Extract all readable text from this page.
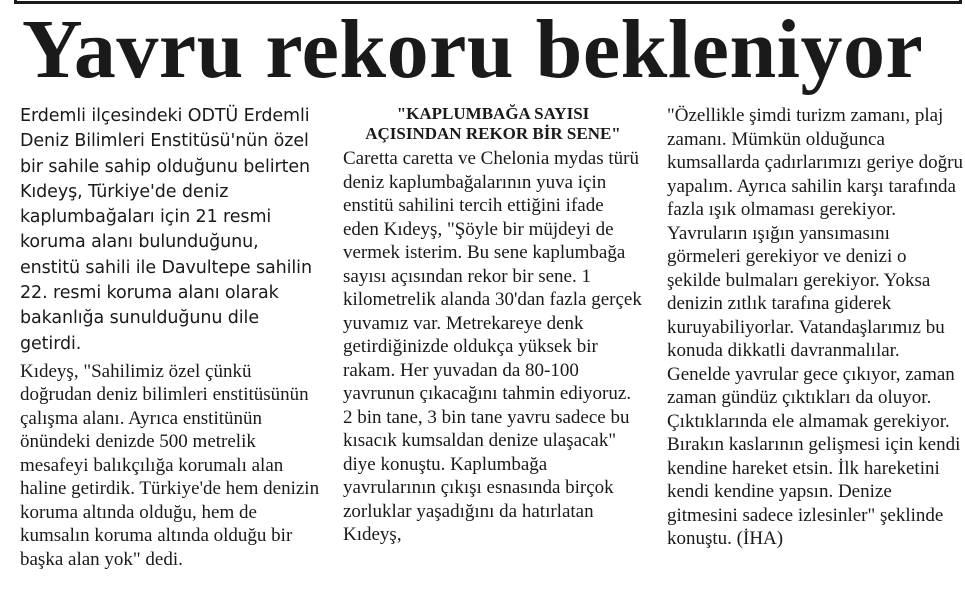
Yavru rekoru bekleniyor

Erdemli ilçesindeki ODTÜ Erdemli Deniz Bilimleri Enstitüsü'nün özel bir sahile sahip olduğunu belirten Kıdeyş, Türkiye'de deniz kaplumbağaları için 21 resmi koruma alanı bulunduğunu, enstitü sahili ile Davultepe sahilin 22. resmi koruma alanı olarak bakanlığa sunulduğunu dile getirdi.

Kıdeyş, "Sahilimiz özel çünkü doğrudan deniz bilimleri enstitüsünün çalışma alanı. Ayrıca enstitünün önündeki denizde 500 metrelik mesafeyi balıkçılığa korumalı alan haline getirdik. Türkiye'de hem denizin koruma altında olduğu, hem de kumsalın koruma altında olduğu bir başka alan yok" dedi.

"KAPLUMBAĞA SAYISI AÇISINDAN REKOR BİR SENE"

Caretta caretta ve Chelonia mydas türü deniz kaplumbağalarının yuva için enstitü sahilini tercih ettiğini ifade eden Kıdeyş, "Şöyle bir müjdeyi de vermek isterim. Bu sene kaplumbağa sayısı açısından rekor bir sene. 1 kilometrelik alanda 30'dan fazla gerçek yuvamız var. Metrekareye denk getirdiğinizde oldukça yüksek bir rakam. Her yuvadan da 80-100 yavrunun çıkacağını tahmin ediyoruz. 2 bin tane, 3 bin tane yavru sadece bu kısacık kumsaldan denize ulaşacak" diye konuştu. Kaplumbağa yavrularının çıkışı esnasında birçok zorluklar yaşadığını da hatırlatan Kıdeyş,

"Özellikle şimdi turizm zamanı, plaj zamanı. Mümkün olduğunca kumsallarda çadırlarımızı geriye doğru yapalım. Ayrıca sahilin karşı tarafında fazla ışık olmaması gerekiyor. Yavruların ışığın yansımasını görmeleri gerekiyor ve denizi o şekilde bulmaları gerekiyor. Yoksa denizin zıtlık tarafına giderek kuruyabiliyorlar. Vatandaşlarımız bu konuda dikkatli davranmalılar. Genelde yavrular gece çıkıyor, zaman zaman gündüz çıktıkları da oluyor. Çıktıklarında ele almamak gerekiyor. Bırakın kaslarının gelişmesi için kendi kendine hareket etsin. İlk hareketini kendi kendine yapsın. Denize gitmesini sadece izlesinler" şeklinde konuştu. (İHA)
